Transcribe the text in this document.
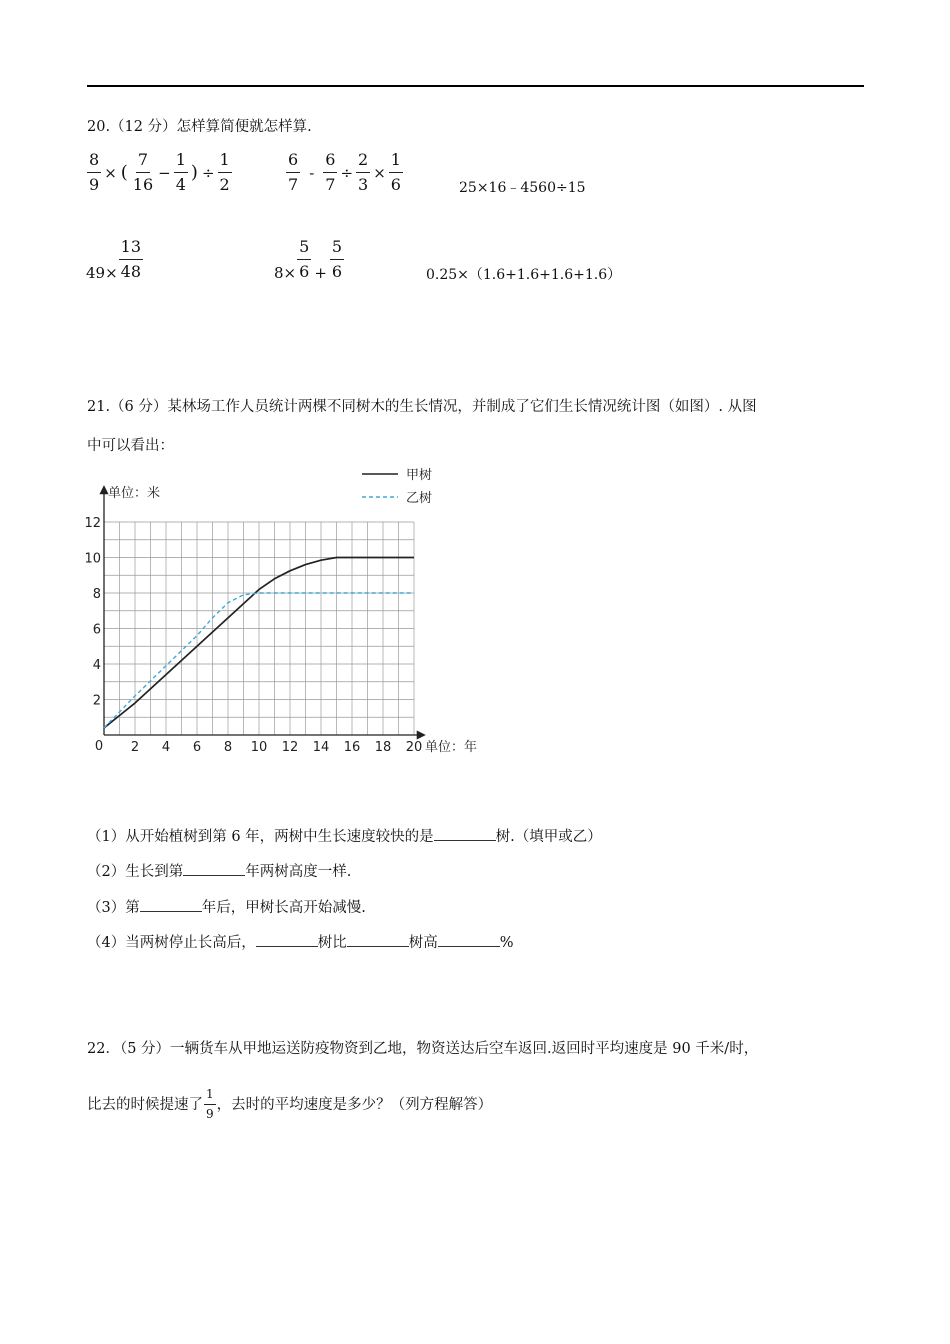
20.（12 分）怎样算简便就怎样算.
$\frac{8}{9}$ × ( $\frac{7}{16} - \frac{1}{4}$ ) ÷ $\frac{1}{2}$	$\frac{6}{7} - \frac{6}{7} \div \frac{2}{3} \times \frac{1}{6}$	25×16﹣4560÷15
$49\times \frac{13}{48}$	$8\times \frac{5}{6} + \frac{5}{6}$	0.25×（1.6+1.6+1.6+1.6）
21.（6 分）某林场工作人员统计两棵不同树木的生长情况，并制成了它们生长情况统计图（如图）. 从图
中可以看出：
单位：米
单位：年
0 2 4 6 8 10 12 14 16 18 20
2
4
6
8
10
12
甲树
乙树
（1）从开始植树到第 6 年，两树中生长速度较快的是	树.（填甲或乙）
（2）生长到第	年两树高度一样.
（3）第	年后，甲树长高开始减慢.
（4）当两树停止长高后，	树比	树高	%
22．（5 分）一辆货车从甲地运送防疫物资到乙地，物资送达后空车返回.返回时平均速度是 90 千米/时，
比去的时候提速了 $\frac{1}{9}$ ，去时的平均速度是多少？（列方程解答）
